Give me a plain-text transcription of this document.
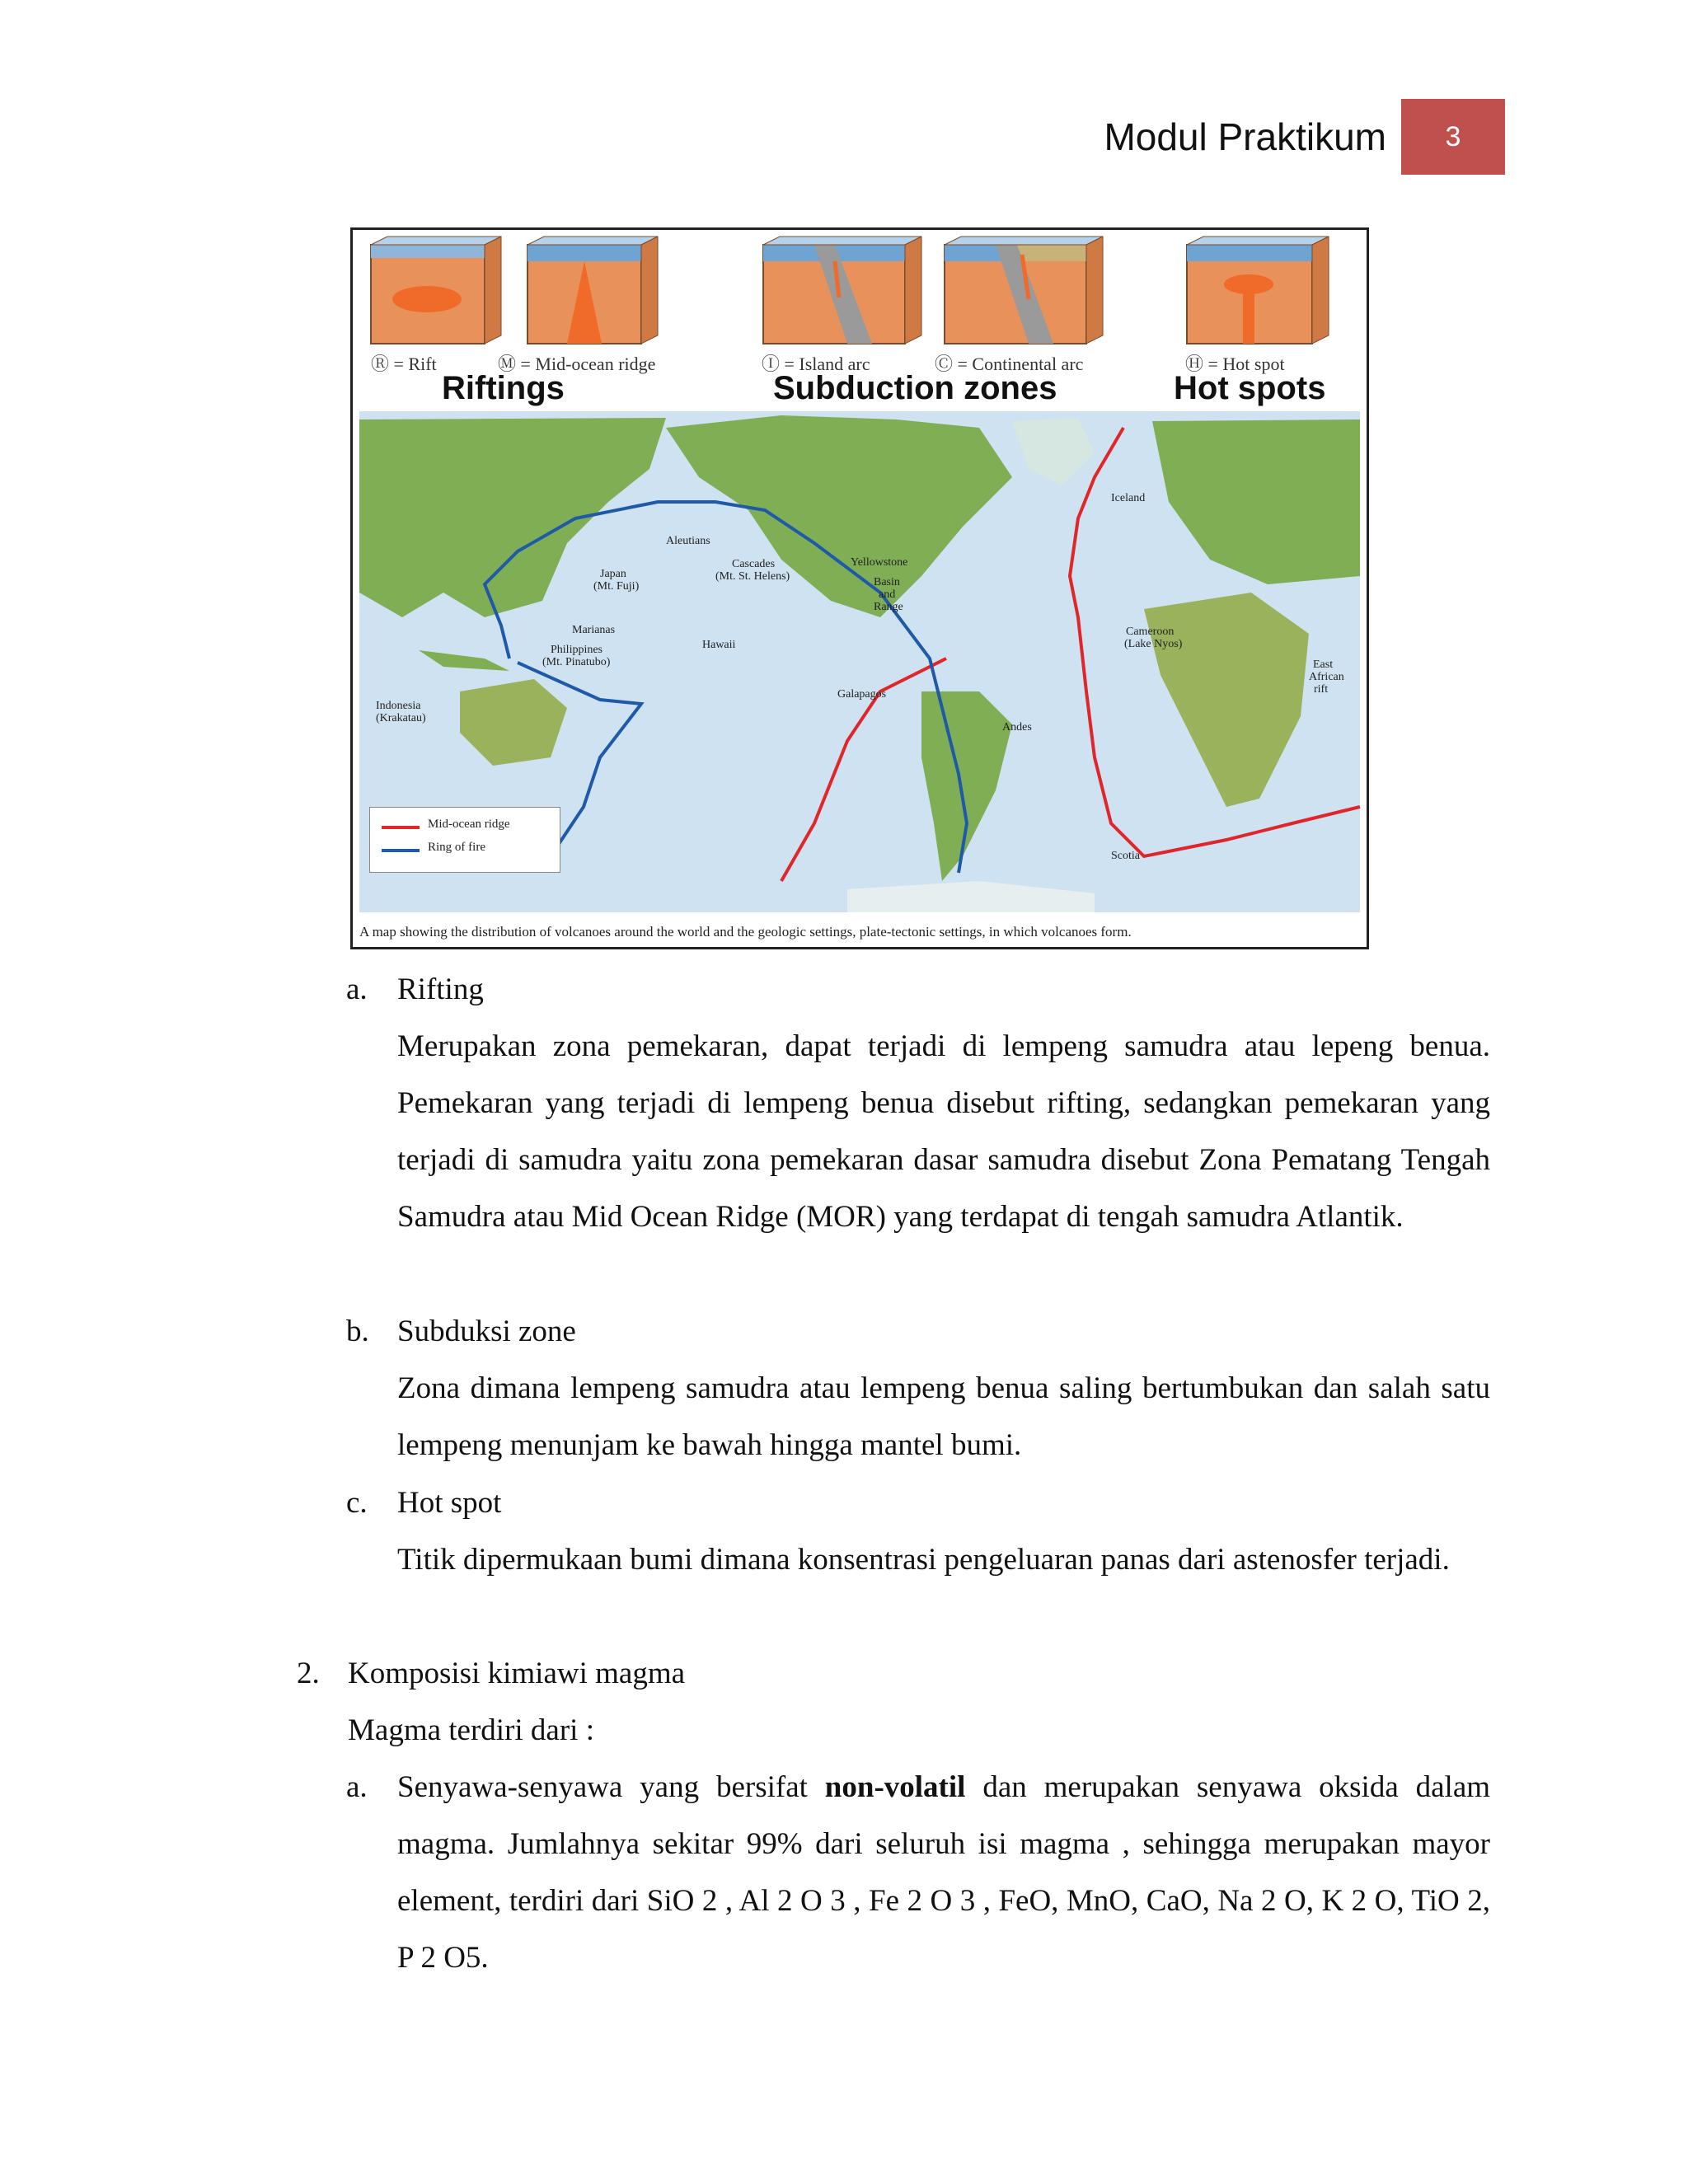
Modul Praktikum	3
Ⓡ = Rift	Ⓜ = Mid-ocean ridge	Ⓘ = Island arc	Ⓒ = Continental arc	Ⓗ = Hot spot
Riftings	Subduction zones	Hot spots
Iceland
Aleutians
Cascades
(Mt. St. Helens)
Yellowstone
Basin
and
Range
Japan
(Mt. Fuji)
Marianas
Hawaii
Philippines
(Mt. Pinatubo)
Indonesia
(Krakatau)
Galapagos
Andes
Cameroon
(Lake Nyos)
East
African
rift
Scotia
Mid-ocean ridge
Ring of fire
A map showing the distribution of volcanoes around the world and the geologic settings, plate-tectonic settings, in which volcanoes form.
a. Rifting
Merupakan zona pemekaran, dapat terjadi di lempeng samudra atau lepeng benua. Pemekaran yang terjadi di lempeng benua disebut rifting, sedangkan pemekaran yang terjadi di samudra yaitu zona pemekaran dasar samudra disebut Zona Pematang Tengah Samudra atau Mid Ocean Ridge (MOR) yang terdapat di tengah samudra Atlantik.
b. Subduksi zone
Zona dimana lempeng samudra atau lempeng benua saling bertumbukan dan salah satu lempeng menunjam ke bawah hingga mantel bumi.
c. Hot spot
Titik dipermukaan bumi dimana konsentrasi pengeluaran panas dari astenosfer terjadi.
2. Komposisi kimiawi magma
Magma terdiri dari :
a. Senyawa-senyawa yang bersifat non-volatil dan merupakan senyawa oksida dalam magma. Jumlahnya sekitar 99% dari seluruh isi magma , sehingga merupakan mayor element, terdiri dari SiO 2 , Al 2 O 3 , Fe 2 O 3 , FeO, MnO, CaO, Na 2 O, K 2 O, TiO 2, P 2 O5.
